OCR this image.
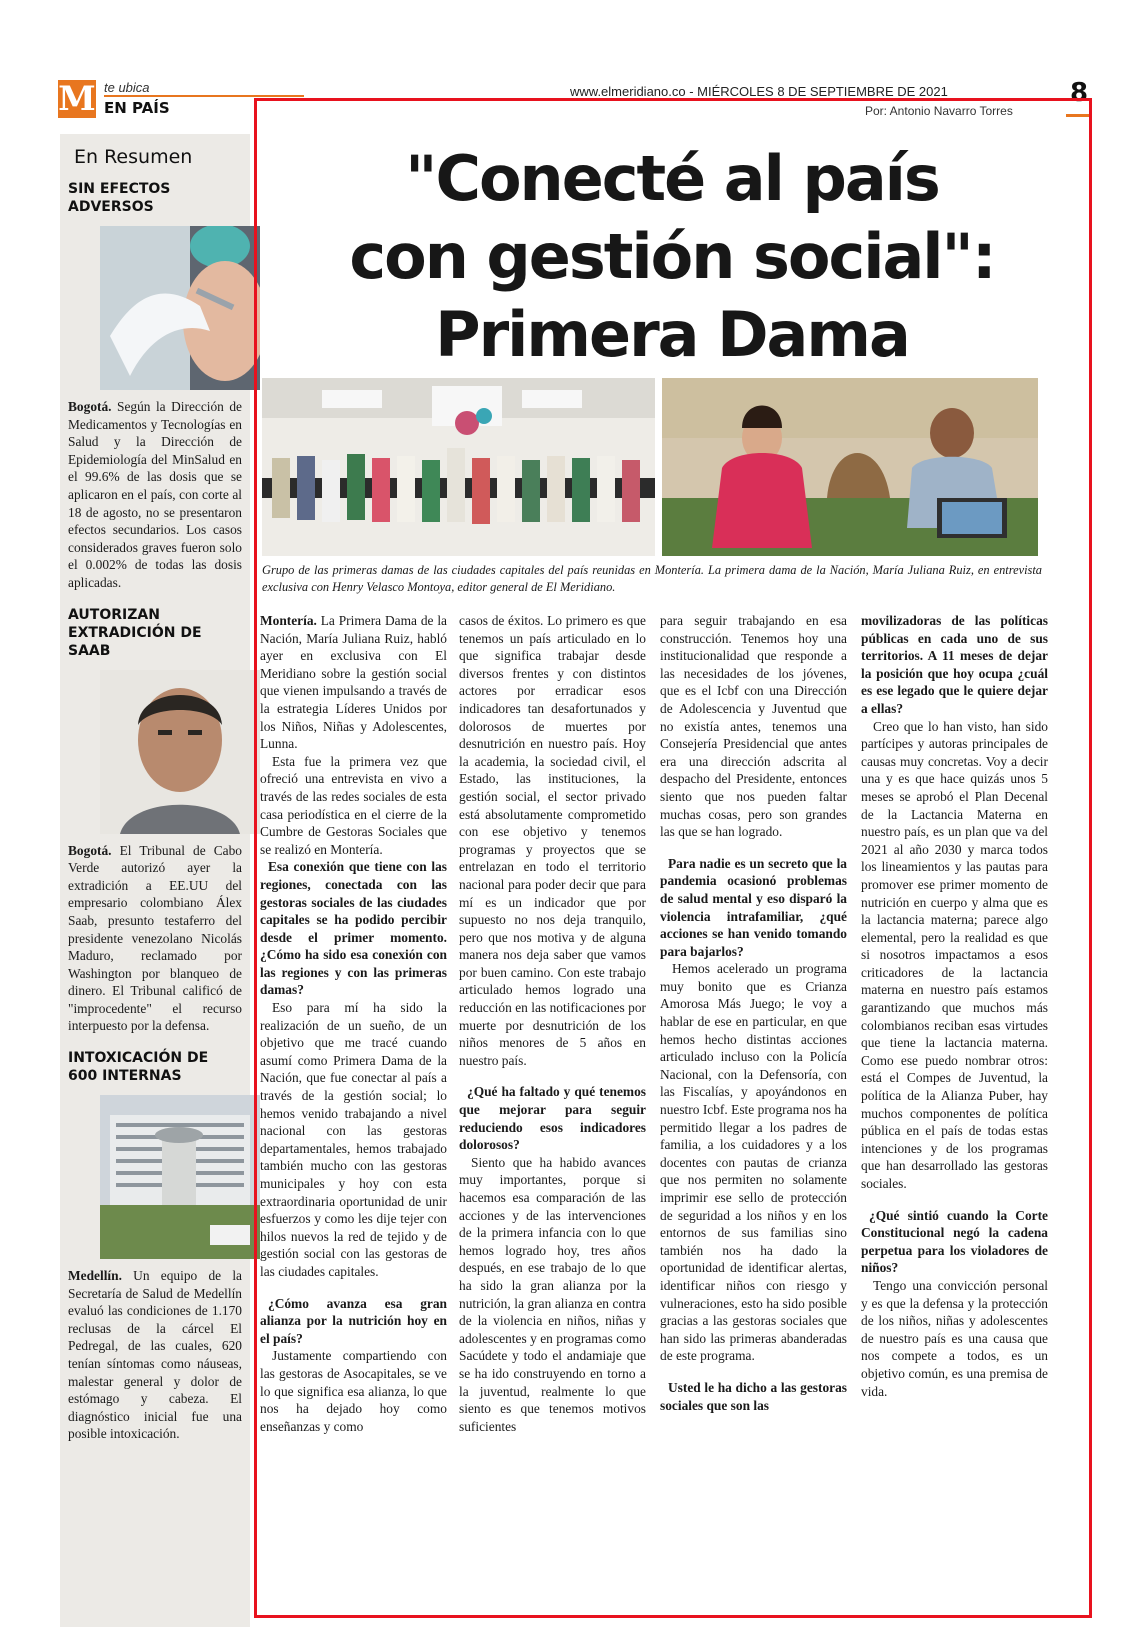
M te ubica
EN PAÍS
www.elmeridiano.co - MIÉRCOLES 8 DE SEPTIEMBRE DE 2021	8
Por: Antonio Navarro Torres
En Resumen
SIN EFECTOS ADVERSOS
Bogotá. Según la Dirección de Medicamentos y Tecnologías en Salud y la Dirección de Epidemiología del MinSalud en el 99.6% de las dosis que se aplicaron en el país, con corte al 18 de agosto, no se presentaron efectos secundarios. Los casos considerados graves fueron solo el 0.002% de todas las dosis aplicadas.
AUTORIZAN EXTRADICIÓN DE SAAB
Bogotá. El Tribunal de Cabo Verde autorizó ayer la extradición a EE.UU del empresario colombiano Álex Saab, presunto testaferro del presidente venezolano Nicolás Maduro, reclamado por Washington por blanqueo de dinero. El Tribunal calificó de "improcedente" el recurso interpuesto por la defensa.
INTOXICACIÓN DE 600 INTERNAS
Medellín. Un equipo de la Secretaría de Salud de Medellín evaluó las condiciones de 1.170 reclusas de la cárcel El Pedregal, de las cuales, 620 tenían síntomas como náuseas, malestar general y dolor de estómago y cabeza. El diagnóstico inicial fue una posible intoxicación.
"Conecté al país
con gestión social":
Primera Dama
Grupo de las primeras damas de las ciudades capitales del país reunidas en Montería. La primera dama de la Nación, María Juliana Ruiz, en entrevista exclusiva con Henry Velasco Montoya, editor general de El Meridiano.

Montería. La Primera Dama de la Nación, María Juliana Ruiz, habló ayer en exclusiva con El Meridiano sobre la gestión social que vienen impulsando a través de la estrategia Líderes Unidos por los Niños, Niñas y Adolescentes, Lunna.

Esta fue la primera vez que ofreció una entrevista en vivo a través de las redes sociales de esta casa periodística en el cierre de la Cumbre de Gestoras Sociales que se realizó en Montería.

Esa conexión que tiene con las regiones, conectada con las gestoras sociales de las ciudades capitales se ha podido percibir desde el primer momento. ¿Cómo ha sido esa conexión con las regiones y con las primeras damas?

Eso para mí ha sido la realización de un sueño, de un objetivo que me tracé cuando asumí como Primera Dama de la Nación, que fue conectar al país a través de la gestión social; lo hemos venido trabajando a nivel nacional con las gestoras departamentales, hemos trabajado también mucho con las gestoras municipales y hoy con esta extraordinaria oportunidad de unir esfuerzos y como les dije tejer con hilos nuevos la red de tejido y de gestión social con las gestoras de las ciudades capitales.

¿Cómo avanza esa gran alianza por la nutrición hoy en el país?

Justamente compartiendo con las gestoras de Asocapitales, se ve lo que significa esa alianza, lo que nos ha dejado hoy como enseñanzas y como

casos de éxitos. Lo primero es que tenemos un país articulado en lo que significa trabajar desde diversos frentes y con distintos actores por erradicar esos indicadores tan desafortunados y dolorosos de muertes por desnutrición en nuestro país. Hoy la academia, la sociedad civil, el Estado, las instituciones, la gestión social, el sector privado está absolutamente comprometido con ese objetivo y tenemos programas y proyectos que se entrelazan en todo el territorio nacional para poder decir que para mí es un indicador que por supuesto no nos deja tranquilo, pero que nos motiva y de alguna manera nos deja saber que vamos por buen camino. Con este trabajo articulado hemos logrado una reducción en las notificaciones por muerte por desnutrición de los niños menores de 5 años en nuestro país.

¿Qué ha faltado y qué tenemos que mejorar para seguir reduciendo esos indicadores dolorosos?

Siento que ha habido avances muy importantes, porque si hacemos esa comparación de las acciones y de las intervenciones de la primera infancia con lo que hemos logrado hoy, tres años después, en ese trabajo de lo que ha sido la gran alianza por la nutrición, la gran alianza en contra de la violencia en niños, niñas y adolescentes y en programas como Sacúdete y todo el andamiaje que se ha ido construyendo en torno a la juventud, realmente lo que siento es que tenemos motivos suficientes

para seguir trabajando en esa construcción. Tenemos hoy una institucionalidad que responde a las necesidades de los jóvenes, que es el Icbf con una Dirección de Adolescencia y Juventud que no existía antes, tenemos una Consejería Presidencial que antes era una dirección adscrita al despacho del Presidente, entonces siento que nos pueden faltar muchas cosas, pero son grandes las que se han logrado.

Para nadie es un secreto que la pandemia ocasionó problemas de salud mental y eso disparó la violencia intrafamiliar, ¿qué acciones se han venido tomando para bajarlos?

Hemos acelerado un programa muy bonito que es Crianza Amorosa Más Juego; le voy a hablar de ese en particular, en que hemos hecho distintas acciones articulado incluso con la Policía Nacional, con la Defensoría, con las Fiscalías, y apoyándonos en nuestro Icbf. Este programa nos ha permitido llegar a los padres de familia, a los cuidadores y a los docentes con pautas de crianza que nos permiten no solamente imprimir ese sello de protección de seguridad a los niños y en los entornos de sus familias sino también nos ha dado la oportunidad de identificar alertas, identificar niños con riesgo y vulneraciones, esto ha sido posible gracias a las gestoras sociales que han sido las primeras abanderadas de este programa.

Usted le ha dicho a las gestoras sociales que son las

movilizadoras de las políticas públicas en cada uno de sus territorios. A 11 meses de dejar la posición que hoy ocupa ¿cuál es ese legado que le quiere dejar a ellas?

Creo que lo han visto, han sido partícipes y autoras principales de causas muy concretas. Voy a decir una y es que hace quizás unos 5 meses se aprobó el Plan Decenal de la Lactancia Materna en nuestro país, es un plan que va del 2021 al año 2030 y marca todos los lineamientos y las pautas para promover ese primer momento de nutrición en cuerpo y alma que es la lactancia materna; parece algo elemental, pero la realidad es que si nosotros impactamos a esos criticadores de la lactancia materna en nuestro país estamos garantizando que muchos más colombianos reciban esas virtudes que tiene la lactancia materna. Como ese puedo nombrar otros: está el Compes de Juventud, la política de la Alianza Puber, hay muchos componentes de política pública en el país de todas estas intenciones y de los programas que han desarrollado las gestoras sociales.

¿Qué sintió cuando la Corte Constitucional negó la cadena perpetua para los violadores de niños?

Tengo una convicción personal y es que la defensa y la protección de los niños, niñas y adolescentes de nuestro país es una causa que nos compete a todos, es un objetivo común, es una premisa de vida.
